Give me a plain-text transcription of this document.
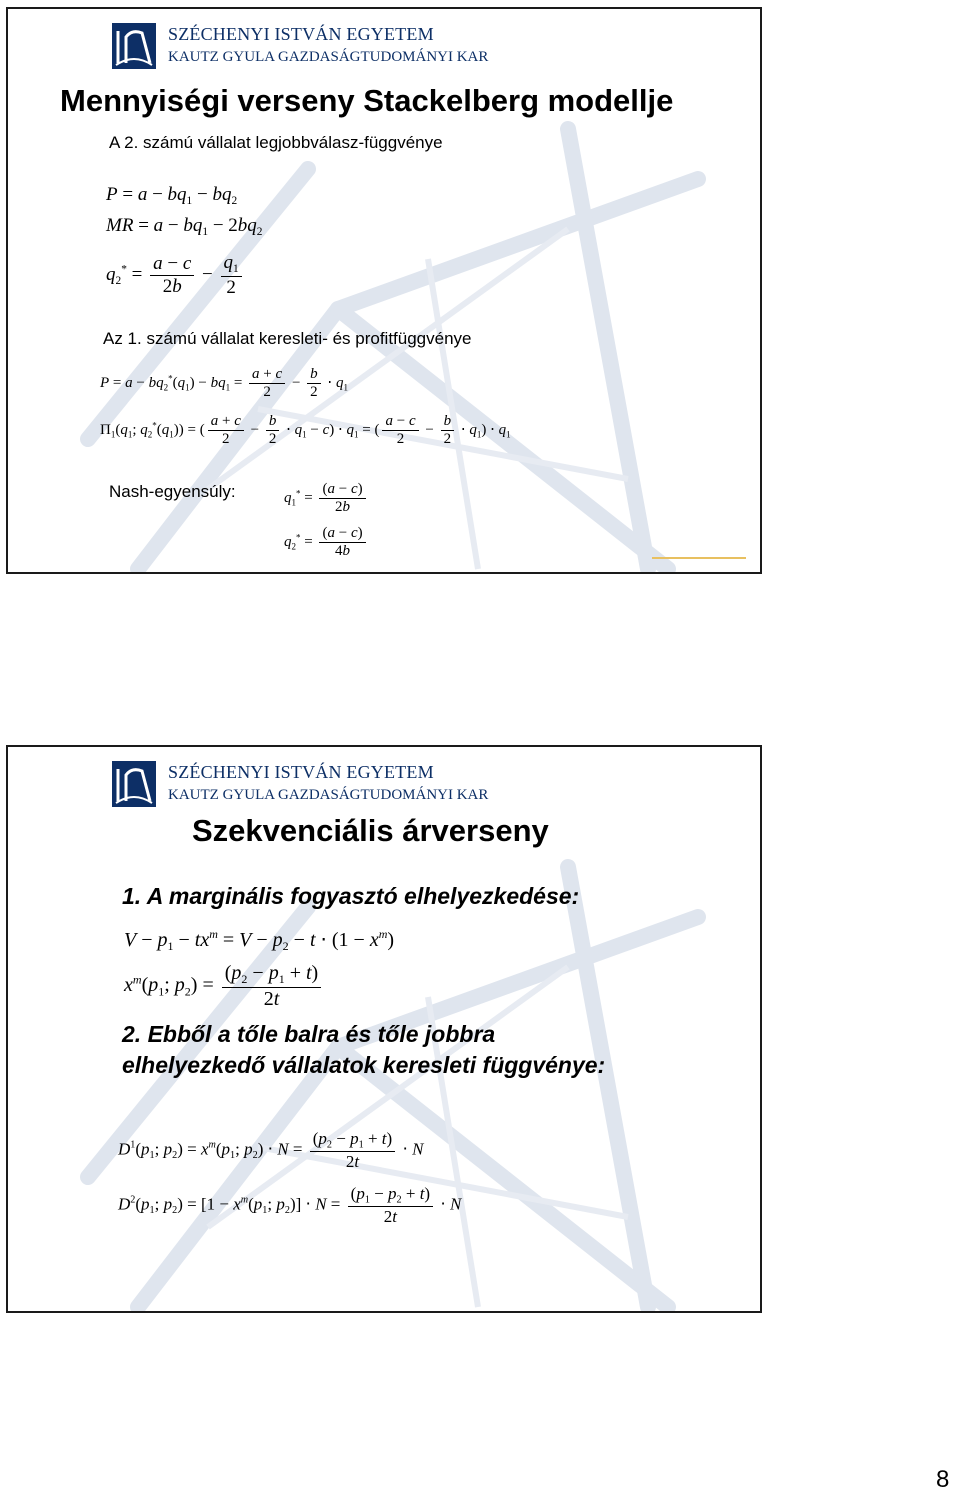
SZÉCHENYI ISTVÁN EGYETEM
KAUTZ GYULA GAZDASÁGTUDOMÁNYI KAR
Mennyiségi verseny Stackelberg modellje
A 2. számú vállalat legjobbválasz-függvénye
$P = a - bq_1 - bq_2$
MR = $a - bq_1 - 2bq_2$
$q_2^* = \frac{a - c}{2b} - \frac{q_1}{2}$
Az 1. számú vállalat keresleti- és profitfüggvénye
$P = a - bq_2^*(q_1) - bq_1 = \frac{a + c}{2} - \frac{b}{2} \cdot q_1$
$\Pi_1(q_1$; $q_2^*(q_1)$) = ( $\frac{a + c}{2} - \frac{b}{2} \cdot q_1 - c) \cdot q_1$ = ( $\frac{a - c}{2} - \frac{b}{2} \cdot q_1) \cdot q_1$
Nash-egyensúly:	$q_1^* = \frac{(a - c)}{2b}$
$q_2^* = \frac{(a - c)}{4b}$
SZÉCHENYI ISTVÁN EGYETEM
KAUTZ GYULA GAZDASÁGTUDOMÁNYI KAR
Szekvenciális árverseny
1. A marginális fogyasztó elhelyezkedése:
$V - p_1 - tx^m = V - p_2 - t \cdot (1 - x^m)$
$x^m(p_1$; $p_2) = \frac{(p_2 - p_1 + t)}{2t}$
2. Ebből a tőle balra és tőle jobbra elhelyezkedő vállalatok keresleti függvénye:
$D^1(p_1$; $p_2) = x^m(p_1$; $p_2) \cdot N = \frac{(p_2 - p_1 + t)}{2t} \cdot N$
$D^2(p_1$; $p_2) = [1 - x^m(p_1$; $p_2)] \cdot N = \frac{(p_1 - p_2 + t)}{2t} \cdot N$
8
